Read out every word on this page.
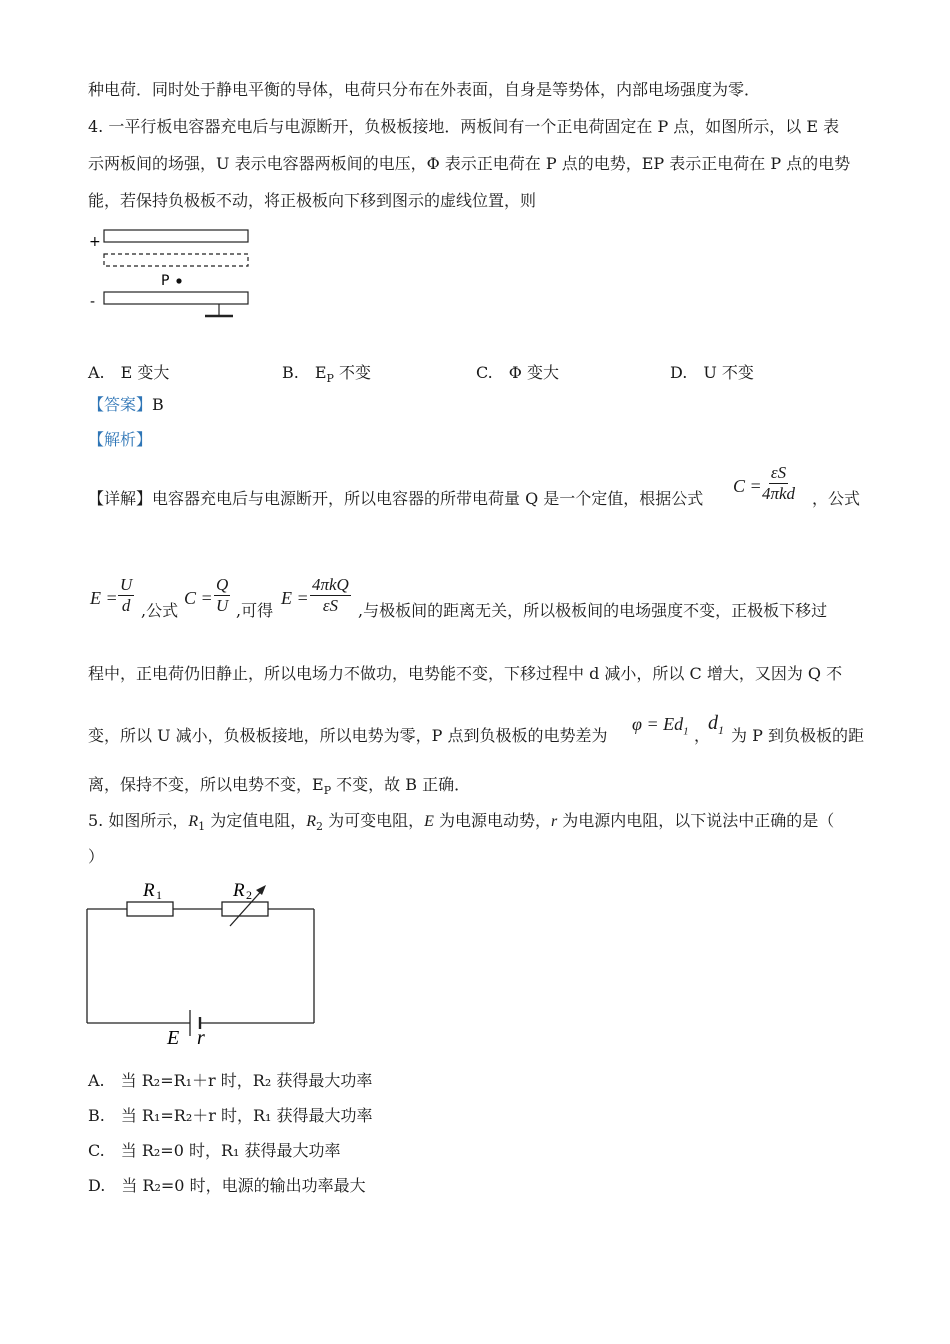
种电荷．同时处于静电平衡的导体，电荷只分布在外表面，自身是等势体，内部电场强度为零．
4. 一平行板电容器充电后与电源断开，负极板接地．两板间有一个正电荷固定在 P 点，如图所示，以 E 表
示两板间的场强，U 表示电容器两板间的电压，Φ 表示正电荷在 P 点的电势，EP 表示正电荷在 P 点的电势
能，若保持负极板不动，将正极板向下移到图示的虚线位置，则
+
P
-
A.　E 变大	B.　$E_P$ 不变	C.　Φ 变大	D.　U 不变
【答案】B
【解析】
【详解】电容器充电后与电源断开，所以电容器的所带电荷量 Q 是一个定值，根据公式
C =
εS
4πkd ，公式
$E = \frac{U}{d}$ ,公式
$C = \frac{Q}{U}$ ,可得
E =
4πkQ
εS ,与极板间的距离无关，所以极板间的电场强度不变，正极板下移过
程中，正电荷仍旧静止，所以电场力不做功，电势能不变，下移过程中 d 减小，所以 C 增大，又因为 Q 不
变，所以 U 减小，负极板接地，所以电势为零，P 点到负极板的电势差为
$\varphi = Ed_1$ ，
$d_1$ 为 P 到负极板的距
离，保持不变，所以电势不变，$E_P$ 不变，故 B 正确．
5. 如图所示，$R_1$ 为定值电阻，$R_2$ 为可变电阻，E 为电源电动势，r 为电源内电阻，以下说法中正确的是（
）
R 1	R 2
E r
A.　当 R₂=R₁＋r 时，R₂ 获得最大功率
B.　当 R₁=R₂＋r 时，R₁ 获得最大功率
C.　当 R₂=0 时，R₁ 获得最大功率
D.　当 R₂=0 时，电源的输出功率最大
